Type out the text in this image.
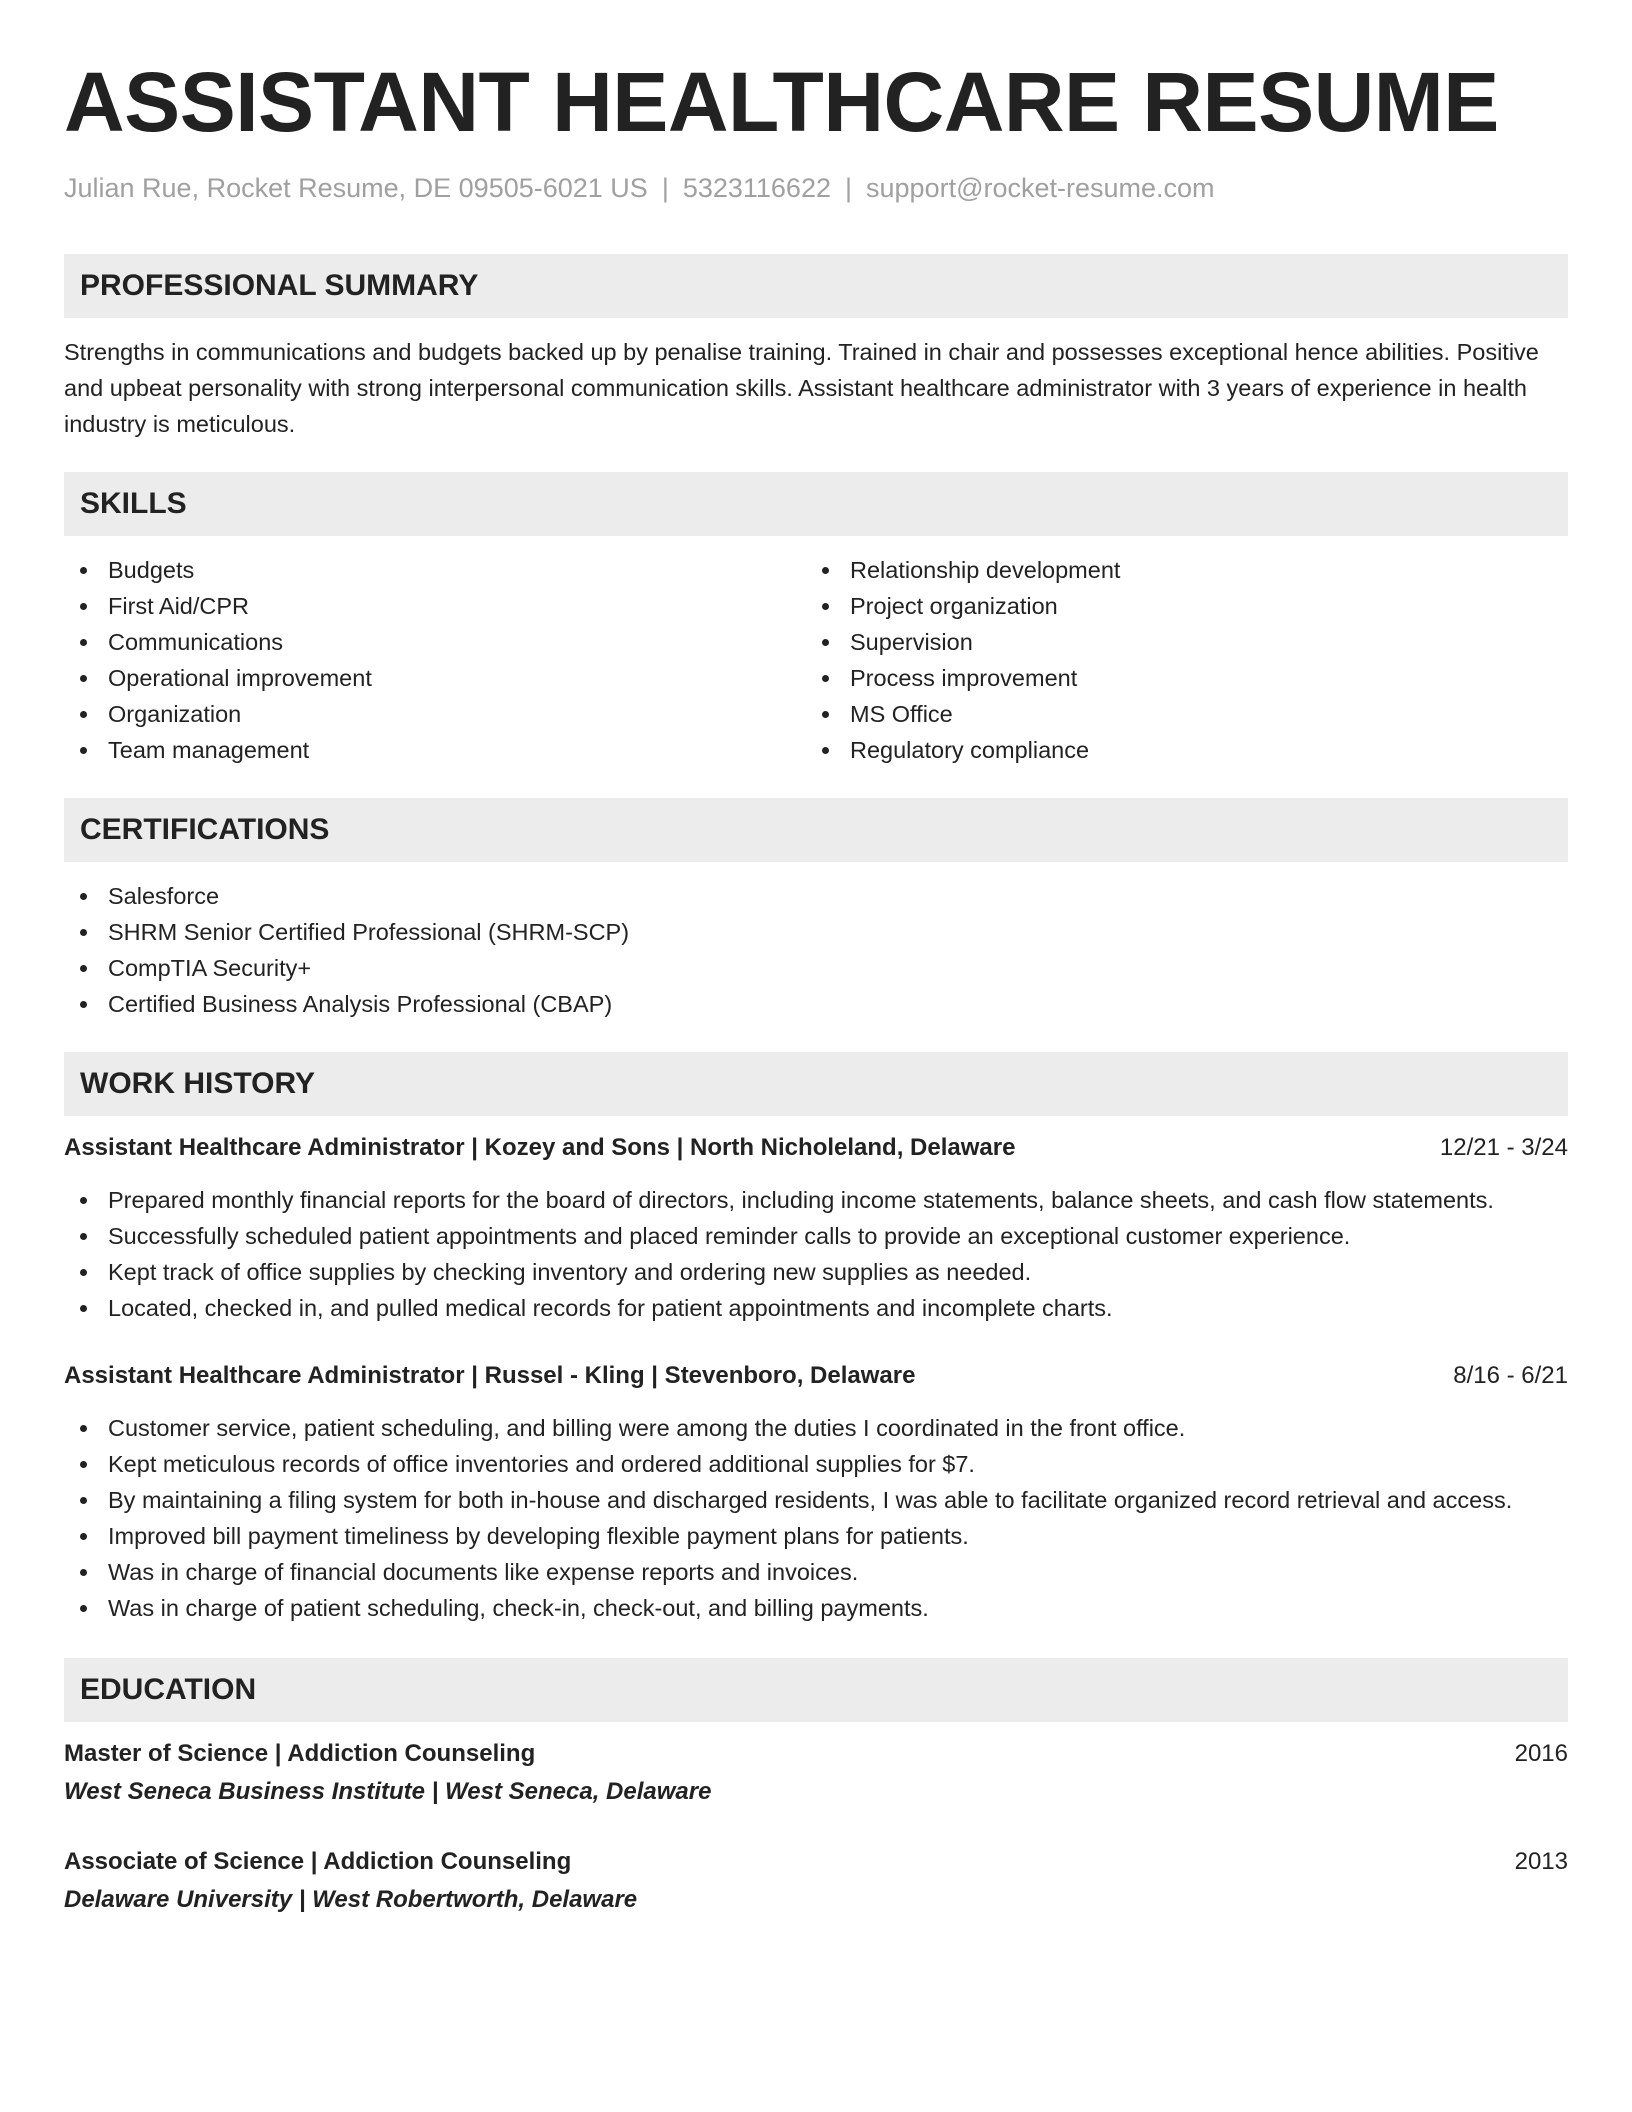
ASSISTANT HEALTHCARE RESUME
Julian Rue, Rocket Resume, DE 09505-6021 US | 5323116622 | support@rocket-resume.com
PROFESSIONAL SUMMARY
Strengths in communications and budgets backed up by penalise training. Trained in chair and possesses exceptional hence abilities. Positive and upbeat personality with strong interpersonal communication skills. Assistant healthcare administrator with 3 years of experience in health industry is meticulous.
SKILLS
Budgets
First Aid/CPR
Communications
Operational improvement
Organization
Team management
Relationship development
Project organization
Supervision
Process improvement
MS Office
Regulatory compliance
CERTIFICATIONS
Salesforce
SHRM Senior Certified Professional (SHRM-SCP)
CompTIA Security+
Certified Business Analysis Professional (CBAP)
WORK HISTORY
Assistant Healthcare Administrator | Kozey and Sons | North Nicholeland, Delaware	12/21 - 3/24
Prepared monthly financial reports for the board of directors, including income statements, balance sheets, and cash flow statements.
Successfully scheduled patient appointments and placed reminder calls to provide an exceptional customer experience.
Kept track of office supplies by checking inventory and ordering new supplies as needed.
Located, checked in, and pulled medical records for patient appointments and incomplete charts.
Assistant Healthcare Administrator | Russel - Kling | Stevenboro, Delaware	8/16 - 6/21
Customer service, patient scheduling, and billing were among the duties I coordinated in the front office.
Kept meticulous records of office inventories and ordered additional supplies for $7.
By maintaining a filing system for both in-house and discharged residents, I was able to facilitate organized record retrieval and access.
Improved bill payment timeliness by developing flexible payment plans for patients.
Was in charge of financial documents like expense reports and invoices.
Was in charge of patient scheduling, check-in, check-out, and billing payments.
EDUCATION
Master of Science | Addiction Counseling	2016
West Seneca Business Institute | West Seneca, Delaware
Associate of Science | Addiction Counseling	2013
Delaware University | West Robertworth, Delaware
